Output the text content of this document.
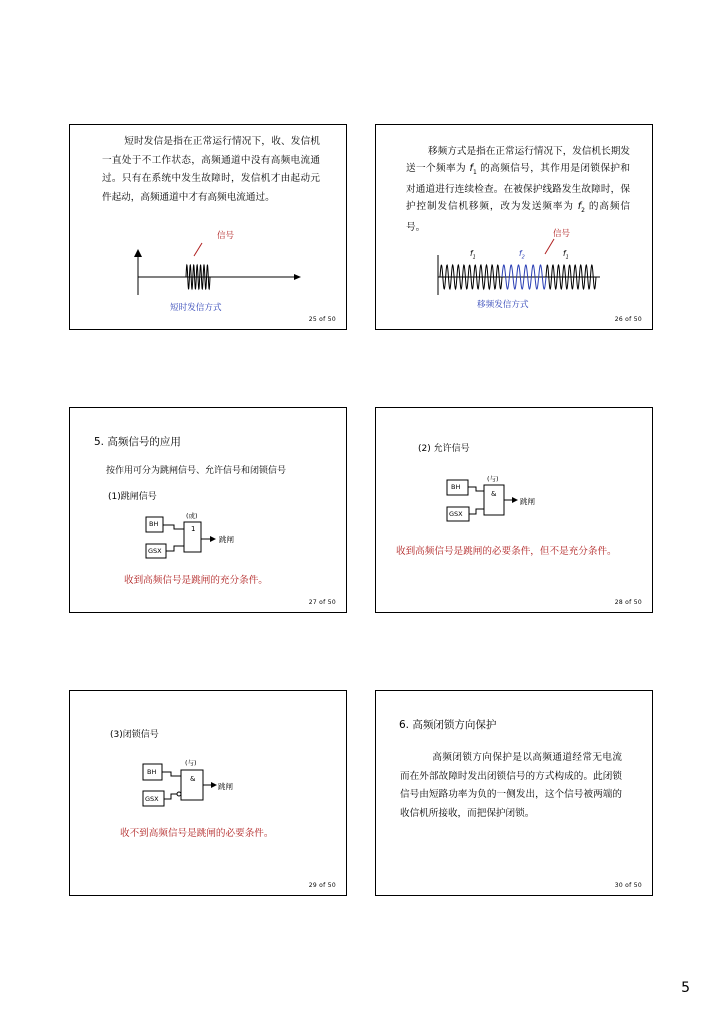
短时发信是指在正常运行情况下，收、发信机一直处于不工作状态，高频通道中没有高频电流通过。只有在系统中发生故障时，发信机才由起动元件起动，高频通道中才有高频电流通过。

信号
短时发信方式
25 of 50

移频方式是指在正常运行情况下，发信机长期发送一个频率为 $f_1$ 的高频信号，其作用是闭锁保护和对通道进行连续检查。在被保护线路发生故障时，保护控制发信机移频，改为发送频率为 $f_2$ 的高频信号。

信号
$f_1$	$f_2$	$f_1$
移频发信方式
26 of 50
5. 高频信号的应用
按作用可分为跳闸信号、允许信号和闭锁信号
(1)跳闸信号
(或)
1
BH
GSX
跳闸
收到高频信号是跳闸的充分条件。
27 of 50
(2) 允许信号
(与)
&
BH
GSX
跳闸
收到高频信号是跳闸的必要条件，但不是充分条件。
28 of 50
(3)闭锁信号
(与)
&
BH
GSX
跳闸
收不到高频信号是跳闸的必要条件。
29 of 50
6. 高频闭锁方向保护

高频闭锁方向保护是以高频通道经常无电流而在外部故障时发出闭锁信号的方式构成的。此闭锁信号由短路功率为负的一侧发出，这个信号被两端的收信机所接收，而把保护闭锁。

30 of 50
5
